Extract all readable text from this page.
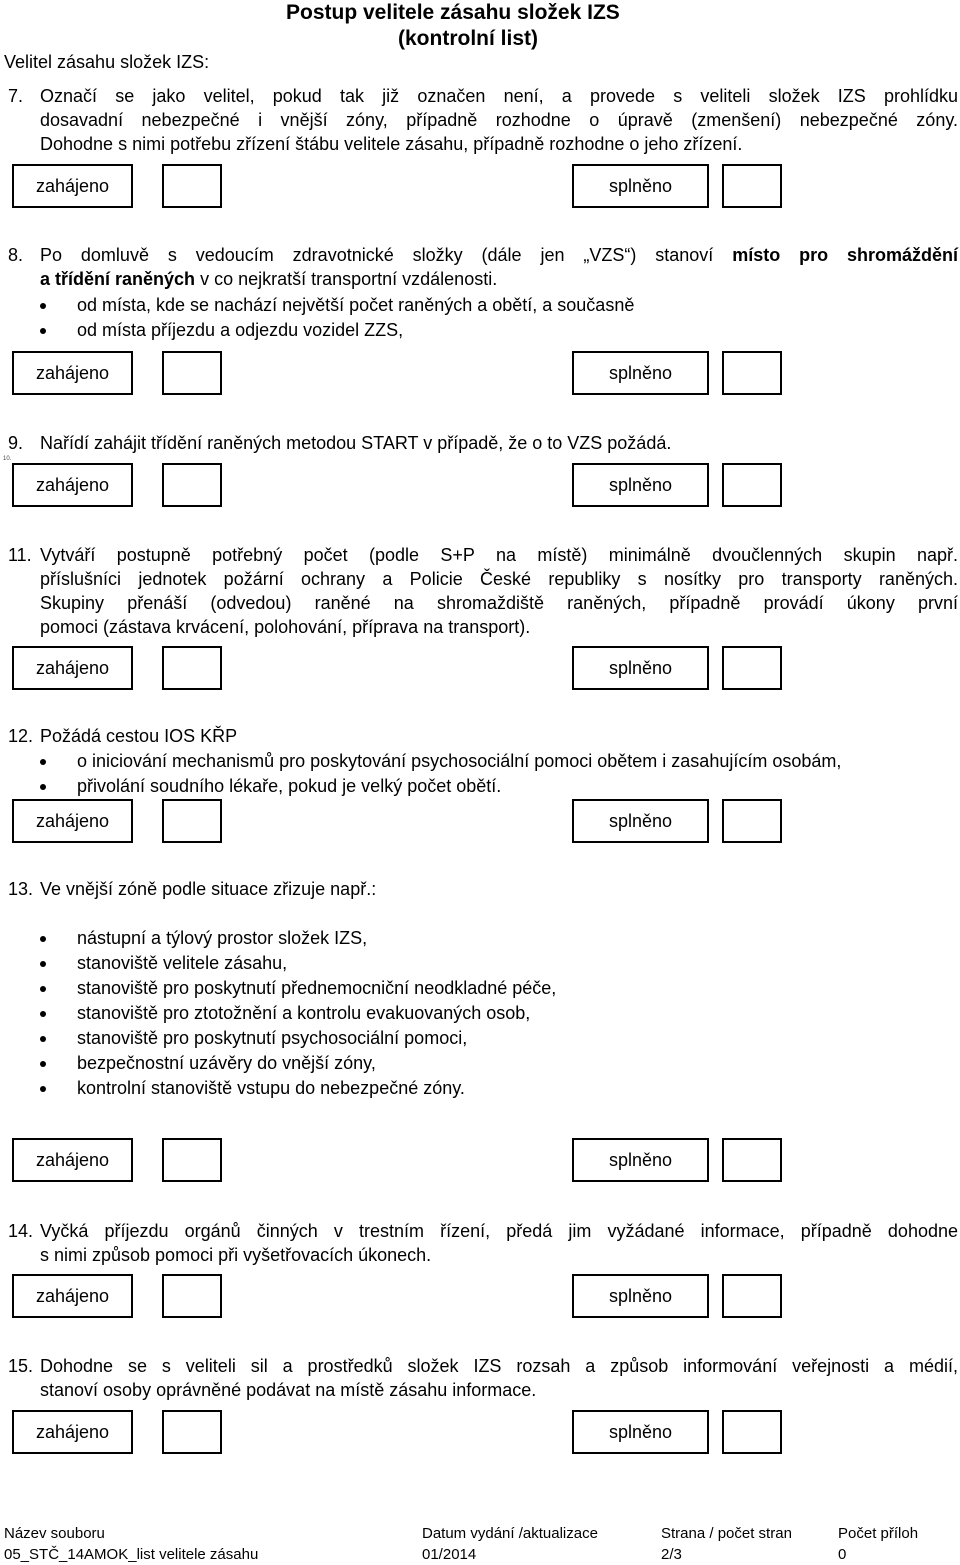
Postup velitele zásahu složek IZS
(kontrolní list)
Velitel zásahu složek IZS:
7. Označí se jako velitel, pokud tak již označen není, a provede s veliteli složek IZS prohlídku

dosavadní nebezpečné i vnější zóny, případně rozhodne o úpravě (zmenšení) nebezpečné zóny.

Dohodne s nimi potřebu zřízení štábu velitele zásahu, případně rozhodne o jeho zřízení.

zahájeno	splněno
8. Po domluvě s vedoucím zdravotnické složky (dále jen „VZS“) stanoví místo pro shromáždění

a třídění raněných v co nejkratší transportní vzdálenosti.

od místa, kde se nachází největší počet raněných a obětí, a současně
od místa příjezdu a odjezdu vozidel ZZS,
zahájeno	splněno
9. Nařídí zahájit třídění raněných metodou START v případě, že o to VZS požádá.

10.
zahájeno	splněno
11. Vytváří postupně potřebný počet (podle S+P na místě) minimálně dvoučlenných skupin např.

příslušníci jednotek požární ochrany a Policie České republiky s nosítky pro transporty raněných.

Skupiny přenáší (odvedou) raněné na shromaždiště raněných, případně provádí úkony první

pomoci (zástava krvácení, polohování, příprava na transport).

zahájeno	splněno
12. Požádá cestou IOS KŘP

o iniciování mechanismů pro poskytování psychosociální pomoci obětem i zasahujícím osobám,
přivolání soudního lékaře, pokud je velký počet obětí.
zahájeno	splněno
13. Ve vnější zóně podle situace zřizuje např.:

nástupní a týlový prostor složek IZS,
stanoviště velitele zásahu,
stanoviště pro poskytnutí přednemocniční neodkladné péče,
stanoviště pro ztotožnění a kontrolu evakuovaných osob,
stanoviště pro poskytnutí psychosociální pomoci,
bezpečnostní uzávěry do vnější zóny,
kontrolní stanoviště vstupu do nebezpečné zóny.
zahájeno	splněno
14. Vyčká příjezdu orgánů činných v trestním řízení, předá jim vyžádané informace, případně dohodne

s nimi způsob pomoci při vyšetřovacích úkonech.

zahájeno	splněno
15. Dohodne se s veliteli sil a prostředků složek IZS rozsah a způsob informování veřejnosti a médií,

stanoví osoby oprávněné podávat na místě zásahu informace.

zahájeno	splněno
Název souboru	Datum vydání /aktualizace	Strana / počet stran	Počet příloh
05_STČ_14AMOK_list velitele zásahu	01/2014	2/3	0
